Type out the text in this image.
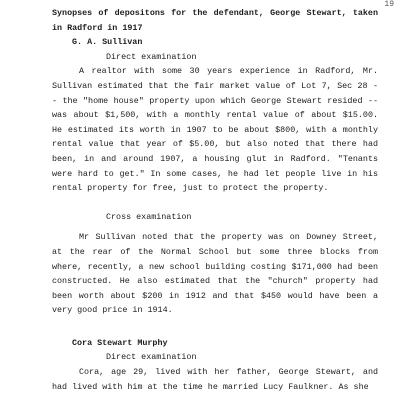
19

Synopses of depositons for the defendant, George Stewart, taken in Radford in 1917

G. A. Sullivan
Direct examination

A realtor with some 30 years experience in Radford, Mr. Sullivan estimated that the fair market value of Lot 7, Sec 28 -- the "home house" property upon which George Stewart resided -- was about $1,500, with a monthly rental value of about $15.00. He estimated its worth in 1907 to be about $800, with a monthly rental value that year of $5.00, but also noted that there had been, in and around 1907, a housing glut in Radford. "Tenants were hard to get." In some cases, he had let people live in his rental property for free, just to protect the property.

Cross examination

Mr Sullivan noted that the property was on Downey Street, at the rear of the Normal School but some three blocks from where, recently, a new school building costing $171,000 had been constructed. He also estimated that the "church" property had been worth about $200 in 1912 and that $450 would have been a very good price in 1914.

Cora Stewart Murphy
Direct examination

Cora, age 29, lived with her father, George Stewart, and had lived with him at the time he married Lucy Faulkner. As she
